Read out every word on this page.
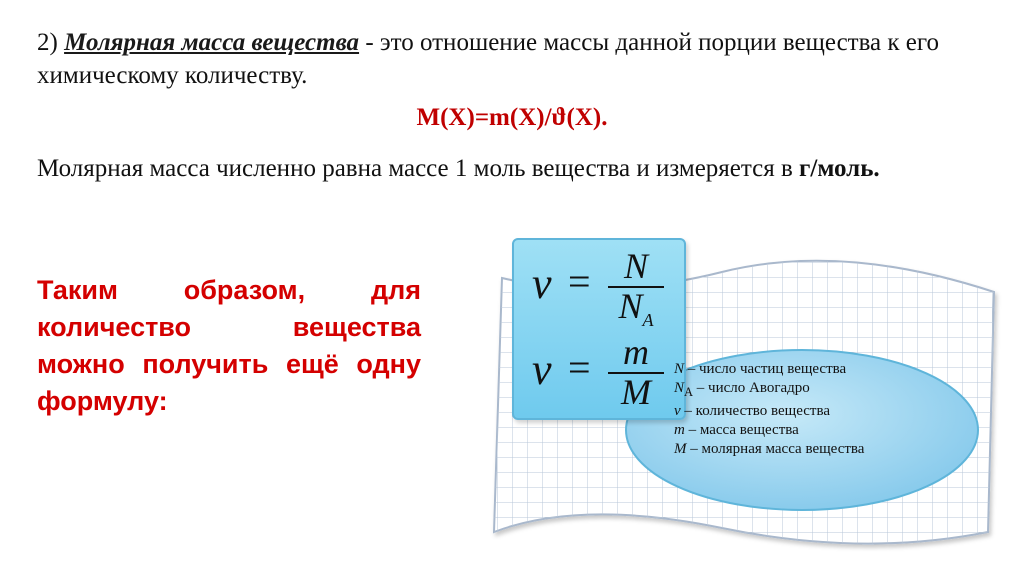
2) Молярная масса вещества - это отношение массы данной порции вещества к его химическому количеству.
M(X)=m(X)/ϑ(X).
Молярная масса численно равна массе 1 моль вещества и измеряется в г/моль.
Таким образом, для количество вещества можно получить ещё одну формулу:
ν = N
$N_A$
ν = m
M
N – число частиц вещества
$N_A$ – число Авогадро
ν – количество вещества
m – масса вещества
M – молярная масса вещества
